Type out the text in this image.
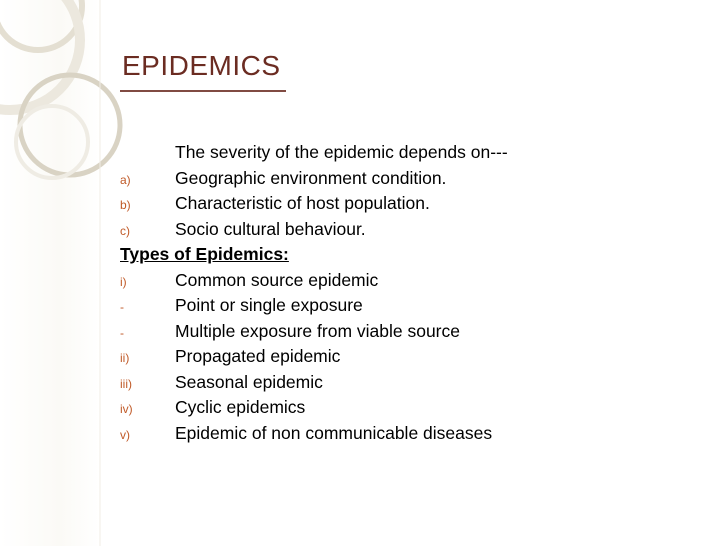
EPIDEMICS
The severity of the epidemic depends on---
a)	Geographic environment condition.
b)	Characteristic of host population.
c)	Socio cultural behaviour.
Types of Epidemics:
i)	Common source epidemic
-	Point or single exposure
-	Multiple exposure from viable source
ii)	Propagated epidemic
iii)	Seasonal epidemic
iv)	Cyclic epidemics
v)	Epidemic of non communicable diseases
